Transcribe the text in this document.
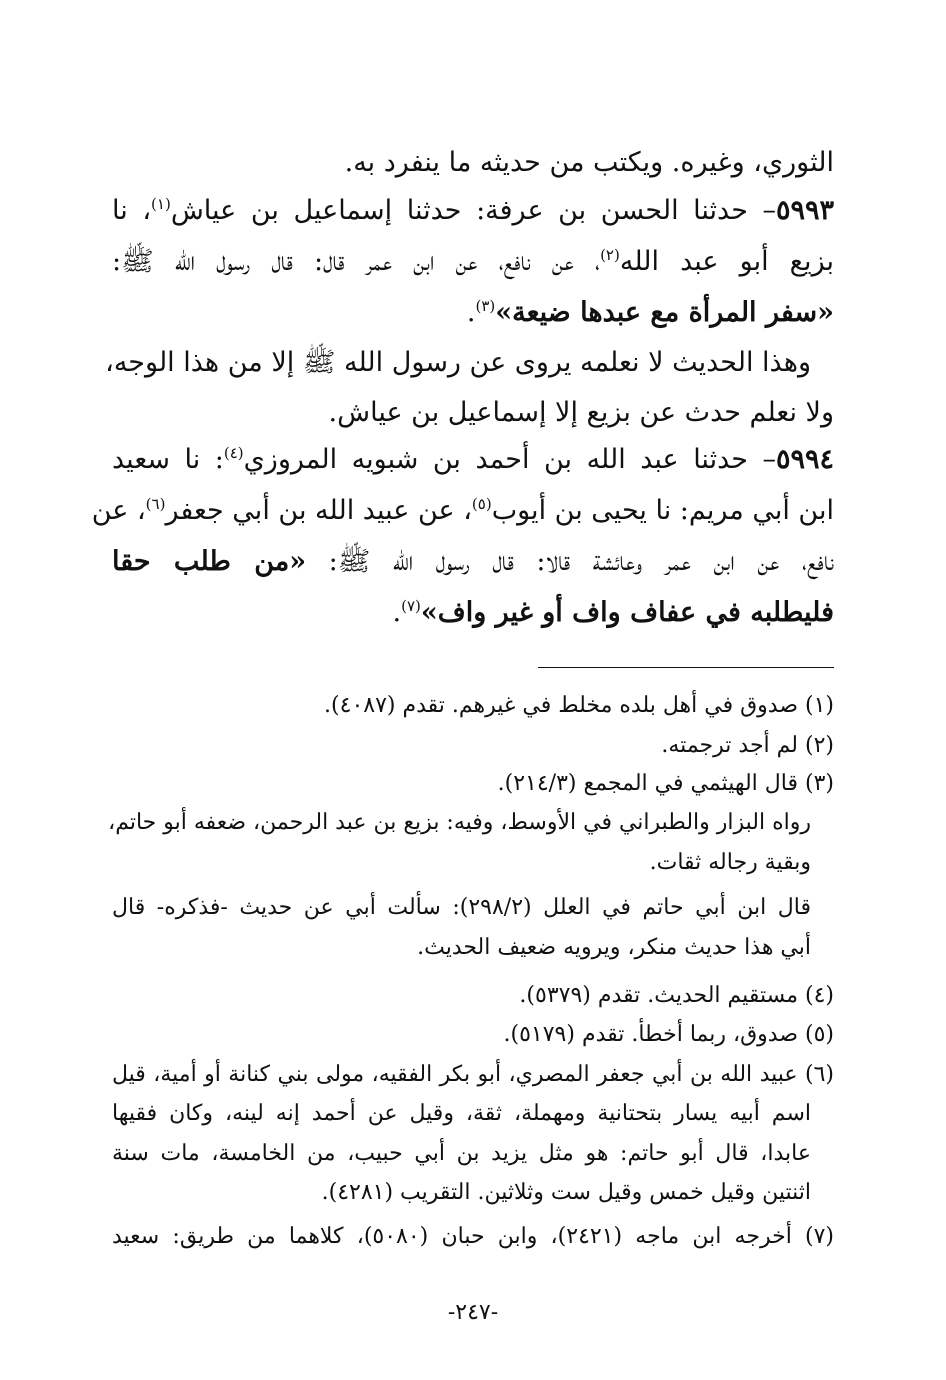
الثوري، وغيره. ويكتب من حديثه ما ينفرد به.
٥٩٩٣– حدثنا الحسن بن عرفة: حدثنا إسماعيل بن عياش$^{(١)}$، نا
بزيع أبو عبد الله$^{(٢)}$، عن نافع، عن ابن عمر قال: قال رسول الله ﷺ:
«سفر المرأة مع عبدها ضيعة»$^{(٣)}$.
وهذا الحديث لا نعلمه يروى عن رسول الله ﷺ إلا من هذا الوجه،
ولا نعلم حدث عن بزيع إلا إسماعيل بن عياش.
٥٩٩٤– حدثنا عبد الله بن أحمد بن شبويه المروزي$^{(٤)}$: نا سعيد
ابن أبي مريم: نا يحيى بن أيوب$^{(٥)}$، عن عبيد الله بن أبي جعفر$^{(٦)}$، عن
نافع، عن ابن عمر وعائشة قالا: قال رسول الله ﷺ: «من طلب حقا
فليطلبه في عفاف واف أو غير واف»$^{(٧)}$.
(١) صدوق في أهل بلده مخلط في غيرهم. تقدم (٤٠٨٧).
(٢) لم أجد ترجمته.
(٣) قال الهيثمي في المجمع (٢١٤/٣).
رواه البزار والطبراني في الأوسط، وفيه: بزيع بن عبد الرحمن، ضعفه أبو حاتم،
وبقية رجاله ثقات.
قال ابن أبي حاتم في العلل (٢٩٨/٢): سألت أبي عن حديث -فذكره- قال
أبي هذا حديث منكر، ويرويه ضعيف الحديث.
(٤) مستقيم الحديث. تقدم (٥٣٧٩).
(٥) صدوق، ربما أخطأ. تقدم (٥١٧٩).
(٦) عبيد الله بن أبي جعفر المصري، أبو بكر الفقيه، مولى بني كنانة أو أمية، قيل
اسم أبيه يسار بتحتانية ومهملة، ثقة، وقيل عن أحمد إنه لينه، وكان فقيها
عابدا، قال أبو حاتم: هو مثل يزيد بن أبي حبيب، من الخامسة، مات سنة
اثنتين وقيل خمس وقيل ست وثلاثين. التقريب (٤٢٨١).
(٧) أخرجه ابن ماجه (٢٤٢١)، وابن حبان (٥٠٨٠)، كلاهما من طريق: سعيد
-٢٤٧-
